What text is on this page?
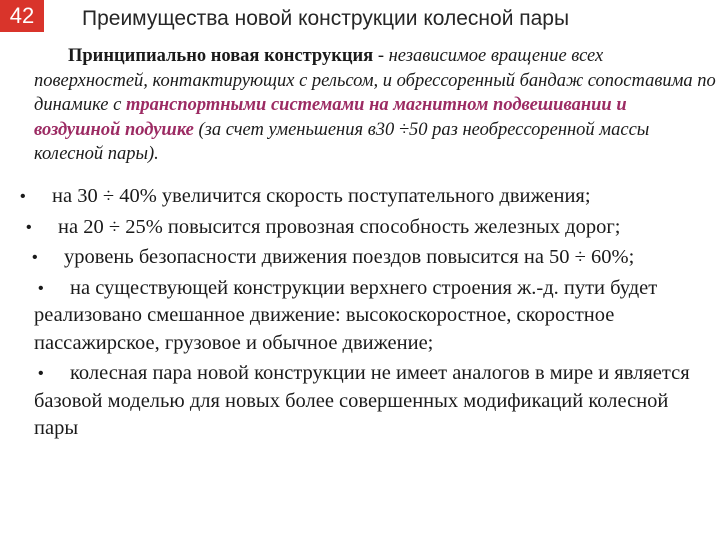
42	Преимущества новой конструкции колесной пары
Принципиально новая конструкция - независимое вращение всех поверхностей, контактирующих с рельсом, и обрессоренный бандаж сопоставима по динамике с транспортными системами на магнитном подвешивании и воздушной подушке (за счет уменьшения в30 ÷50 раз необрессоренной массы колесной пары).
• на 30 ÷ 40% увеличится скорость поступательного движения;
• на 20 ÷ 25% повысится провозная способность железных дорог;
• уровень безопасности движения поездов повысится на 50 ÷ 60%;
• на существующей конструкции верхнего строения ж.-д. пути будет реализовано смешанное движение: высокоскоростное, скоростное пассажирское, грузовое и обычное движение;
• колесная пара новой конструкции не имеет аналогов в мире и является базовой моделью для новых более совершенных модификаций колесной пары
